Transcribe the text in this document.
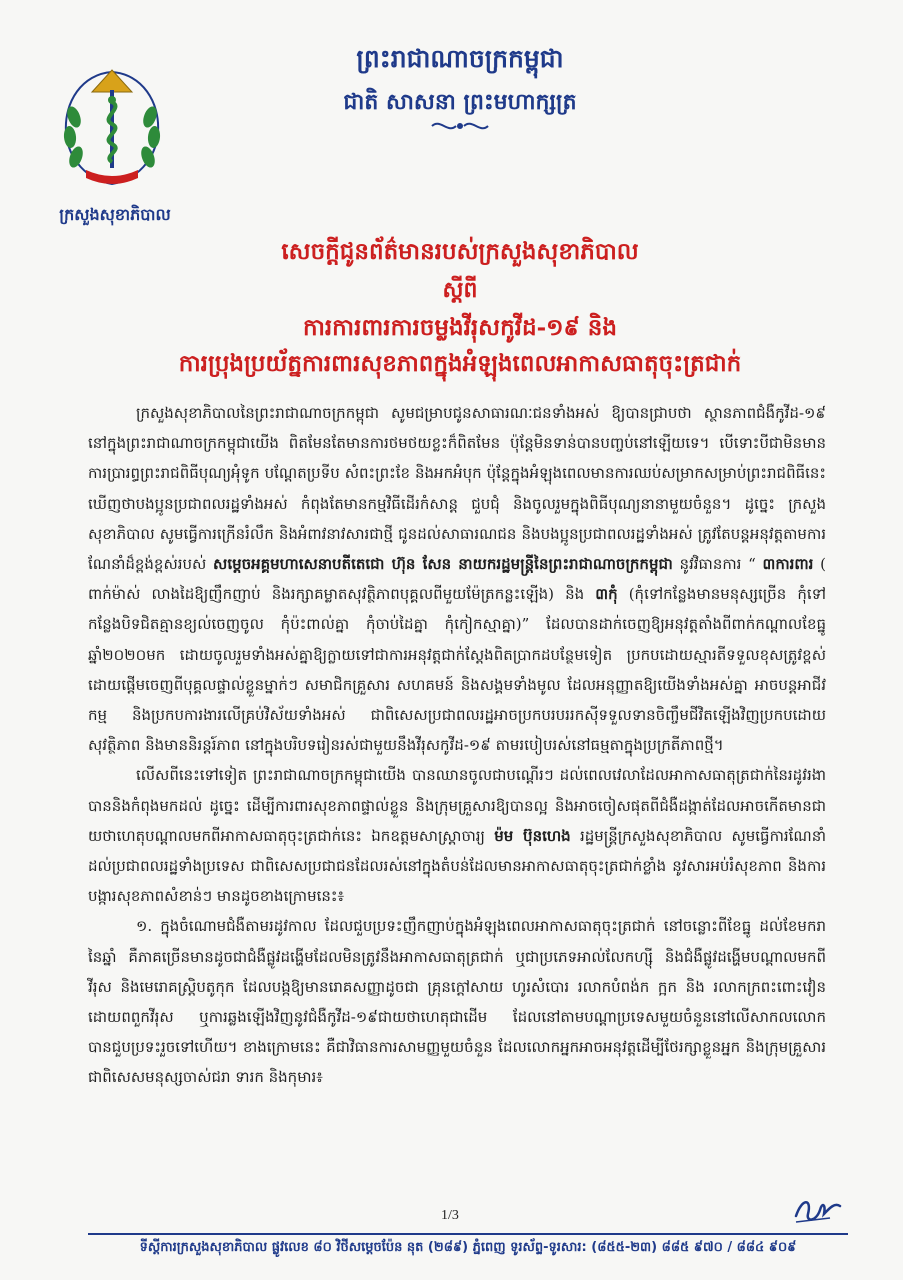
ក្រសួងសុខាភិបាល
ព្រះរាជាណាចក្រកម្ពុជា
ជាតិ សាសនា ព្រះមហាក្សត្រ
សេចក្តីជូនព័ត៌មានរបស់ក្រសួងសុខាភិបាល
ស្តីពី
ការការពារការចម្លងវីរុសកូវីដ-១៩ និង
ការប្រុងប្រយ័ត្នការពារសុខភាពក្នុងអំឡុងពេលអាកាសធាតុចុះត្រជាក់

ក្រសួងសុខាភិបាលនៃព្រះរាជាណាចក្រកម្ពុជា សូមជម្រាបជូនសាធារណៈជនទាំងអស់ ឱ្យបានជ្រាបថា ស្ថានភាពជំងឺកូវីដ-១៩ នៅក្នុងព្រះរាជាណាចក្រកម្ពុជាយើង ពិតមែនតែមានការថមថយខ្លះក៏ពិតមែន ប៉ុន្តែមិនទាន់បានបញ្ចប់នៅឡើយទេ។ បើទោះបីជាមិនមានការប្រារព្ធព្រះរាជពិធីបុណ្យអុំទូក បណ្តែតប្រទីប សំពះព្រះខែ និងអកអំបុក ប៉ុន្តែក្នុងអំឡុងពេលមានការឈប់សម្រាកសម្រាប់ព្រះរាជពិធីនេះ ឃើញថាបងប្អូនប្រជាពលរដ្ឋទាំងអស់ កំពុងតែមានកម្មវិធីដើរកំសាន្ត ជួបជុំ និងចូលរួមក្នុងពិធីបុណ្យនានាមួយចំនួន។ ដូច្នេះ ក្រសួងសុខាភិបាល សូមធ្វើការក្រើនរំលឹក និងអំពាវនាវសារជាថ្មី ជូនដល់សាធារណជន និងបងប្អូនប្រជាពលរដ្ឋទាំងអស់ ត្រូវតែបន្តអនុវត្តតាមការណែនាំដ៏ខ្ពង់ខ្ពស់របស់ សម្តេចអគ្គមហាសេនាបតីតេជោ ហ៊ុន សែន នាយករដ្ឋមន្ត្រីនៃព្រះរាជាណាចក្រកម្ពុជា នូវវិធានការ “ ៣ការពារ ( ពាក់ម៉ាស់ លាងដៃឱ្យញឹកញាប់ និងរក្សាគម្លាតសុវត្ថិភាពបុគ្គលពីមួយម៉ែត្រកន្លះឡើង) និង ៣កុំ (កុំទៅកន្លែងមានមនុស្សច្រើន កុំទៅកន្លែងបិទជិតគ្មានខ្យល់ចេញចូល កុំប៉ះពាល់គ្នា កុំចាប់ដៃគ្នា កុំកៀកស្មាគ្នា)” ដែលបានដាក់ចេញឱ្យអនុវត្តតាំងពីពាក់កណ្តាលខែធ្នូ ឆ្នាំ២០២០មក ដោយចូលរួមទាំងអស់គ្នាឱ្យក្លាយទៅជាការអនុវត្តជាក់ស្តែងពិតប្រាកដបន្ថែមទៀត ប្រកបដោយស្មារតីទទួលខុសត្រូវខ្ពស់ ដោយផ្តើមចេញពីបុគ្គលផ្ទាល់ខ្លួនម្នាក់ៗ សមាជិកគ្រួសារ សហគមន៍ និងសង្គមទាំងមូល ដែលអនុញ្ញាតឱ្យយើងទាំងអស់គ្នា អាចបន្តអាជីវកម្ម និងប្រកបការងារលើគ្រប់វិស័យទាំងអស់ ជាពិសេសប្រជាពលរដ្ឋអាចប្រកបរបររកស៊ីទទួលទានចិញ្ចឹមជីវិតឡើងវិញប្រកបដោយសុវត្ថិភាព និងមាននិរន្តរ៍ភាព នៅក្នុងបរិបទរៀនរស់ជាមួយនឹងវីរុសកូវីដ-១៩ តាមរបៀបរស់នៅធម្មតាក្នុងប្រក្រតីភាពថ្មី។

លើសពីនេះទៅទៀត ព្រះរាជាណាចក្រកម្ពុជាយើង បានឈានចូលជាបណ្តើរៗ ដល់ពេលវេលាដែលអាកាសធាតុត្រជាក់នៃរដូវរងាបាននិងកំពុងមកដល់ ដូច្នេះ ដើម្បីការពារសុខភាពផ្ទាល់ខ្លួន និងក្រុមគ្រួសារឱ្យបានល្អ និងអាចចៀសផុតពីជំងឺដង្កាត់ដែលអាចកើតមានជាយថាហេតុបណ្តាលមកពីអាកាសធាតុចុះត្រជាក់នេះ ឯកឧត្តមសាស្ត្រាចារ្យ ម៉ម ប៊ុនហេង រដ្ឋមន្ត្រីក្រសួងសុខាភិបាល សូមធ្វើការណែនាំដល់ប្រជាពលរដ្ឋទាំងប្រទេស ជាពិសេសប្រជាជនដែលរស់នៅក្នុងតំបន់ដែលមានអាកាសធាតុចុះត្រជាក់ខ្លាំង នូវសារអប់រំសុខភាព និងការបង្ការសុខភាពសំខាន់ៗ មានដូចខាងក្រោមនេះ៖

១. ក្នុងចំណោមជំងឺតាមរដូវកាល ដែលជួបប្រទះញឹកញាប់ក្នុងអំឡុងពេលអាកាសធាតុចុះត្រជាក់ នៅចន្លោះពីខែធ្នូ ដល់ខែមករានៃឆ្នាំ គឺភាគច្រើនមានដូចជាជំងឺផ្លូវដង្ហើមដែលមិនត្រូវនឹងអាកាសធាតុត្រជាក់ ឬជាប្រភេទអាល់លែកហ្ស៊ី និងជំងឺផ្លូវដង្ហើមបណ្តាលមកពីវីរុស និងមេរោគស្ត្រិបតូកុក ដែលបង្កឱ្យមានរោគសញ្ញាដូចជា គ្រុនក្តៅសាយ ហូរសំបោរ រលាកបំពង់ក ក្អក និង រលាកក្រពះពោះវៀនដោយពពួកវីរុស ឬការឆ្លងឡើងវិញនូវជំងឺកូវីដ-១៩ជាយថាហេតុជាដើម ដែលនៅតាមបណ្តាប្រទេសមួយចំនួននៅលើសាកលលោកបានជួបប្រទះរួចទៅហើយ។ ខាងក្រោមនេះ គឺជាវិធានការសាមញ្ញមួយចំនួន ដែលលោកអ្នកអាចអនុវត្តដើម្បីថែរក្សាខ្លួនអ្នក និងក្រុមគ្រួសារ ជាពិសេសមនុស្សចាស់ជរា ទារក និងកុមារ៖

1/3
ទីស្តីការក្រសួងសុខាភិបាល ផ្លូវលេខ ៨០ វិថីសម្តេចប៉ែន នុត (២៨៩) ភ្នំពេញ ទូរស័ព្ទ-ទូរសារ: (៨៥៥-២៣) ៨៨៥ ៩៧០ / ៨៨៤ ៩០៩
